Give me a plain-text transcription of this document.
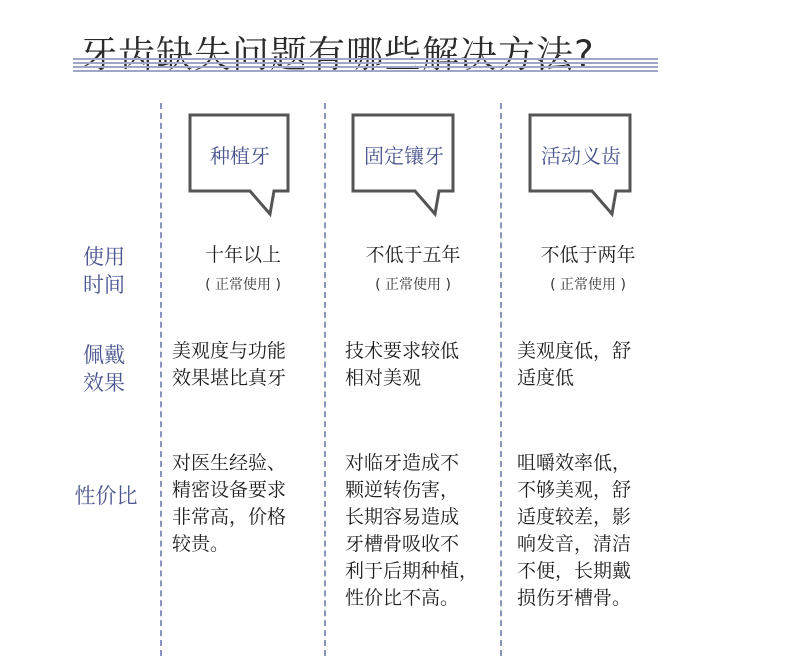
牙齿缺失问题有哪些解决方法?
种植牙	固定镶牙	活动义齿
使用
时间
佩戴
效果
性价比
十年以上
( 正常使用 )
不低于五年
( 正常使用 )
不低于两年
( 正常使用 )
美观度与功能
效果堪比真牙
技术要求较低
相对美观
美观度低，舒
适度低
对医生经验、
精密设备要求
非常高，价格
较贵。
对临牙造成不
颗逆转伤害，
长期容易造成
牙槽骨吸收不
利于后期种植，
性价比不高。
咀嚼效率低，
不够美观，舒
适度较差，影
响发音，清洁
不便，长期戴
损伤牙槽骨。
